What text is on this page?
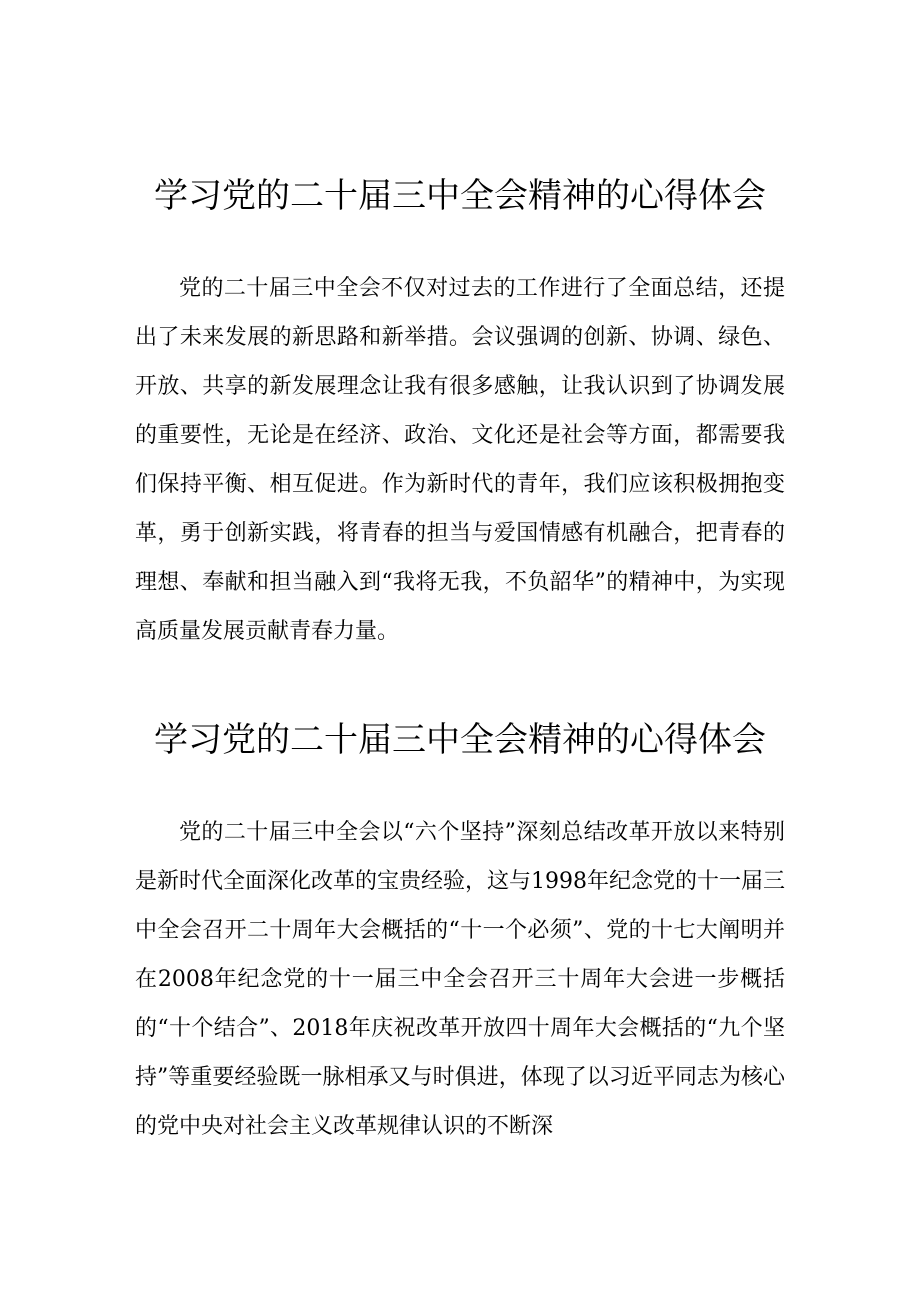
学习党的二十届三中全会精神的心得体会

党的二十届三中全会不仅对过去的工作进行了全面总结，还提出了未来发展的新思路和新举措。会议强调的创新、协调、绿色、开放、共享的新发展理念让我有很多感触，让我认识到了协调发展的重要性，无论是在经济、政治、文化还是社会等方面，都需要我们保持平衡、相互促进。作为新时代的青年，我们应该积极拥抱变革，勇于创新实践，将青春的担当与爱国情感有机融合，把青春的理想、奉献和担当融入到“我将无我，不负韶华”的精神中，为实现高质量发展贡献青春力量。

学习党的二十届三中全会精神的心得体会

党的二十届三中全会以“六个坚持”深刻总结改革开放以来特别是新时代全面深化改革的宝贵经验，这与1998年纪念党的十一届三中全会召开二十周年大会概括的“十一个必须”、党的十七大阐明并在2008年纪念党的十一届三中全会召开三十周年大会进一步概括的“十个结合”、2018年庆祝改革开放四十周年大会概括的“九个坚持”等重要经验既一脉相承又与时俱进，体现了以习近平同志为核心的党中央对社会主义改革规律认识的不断深
